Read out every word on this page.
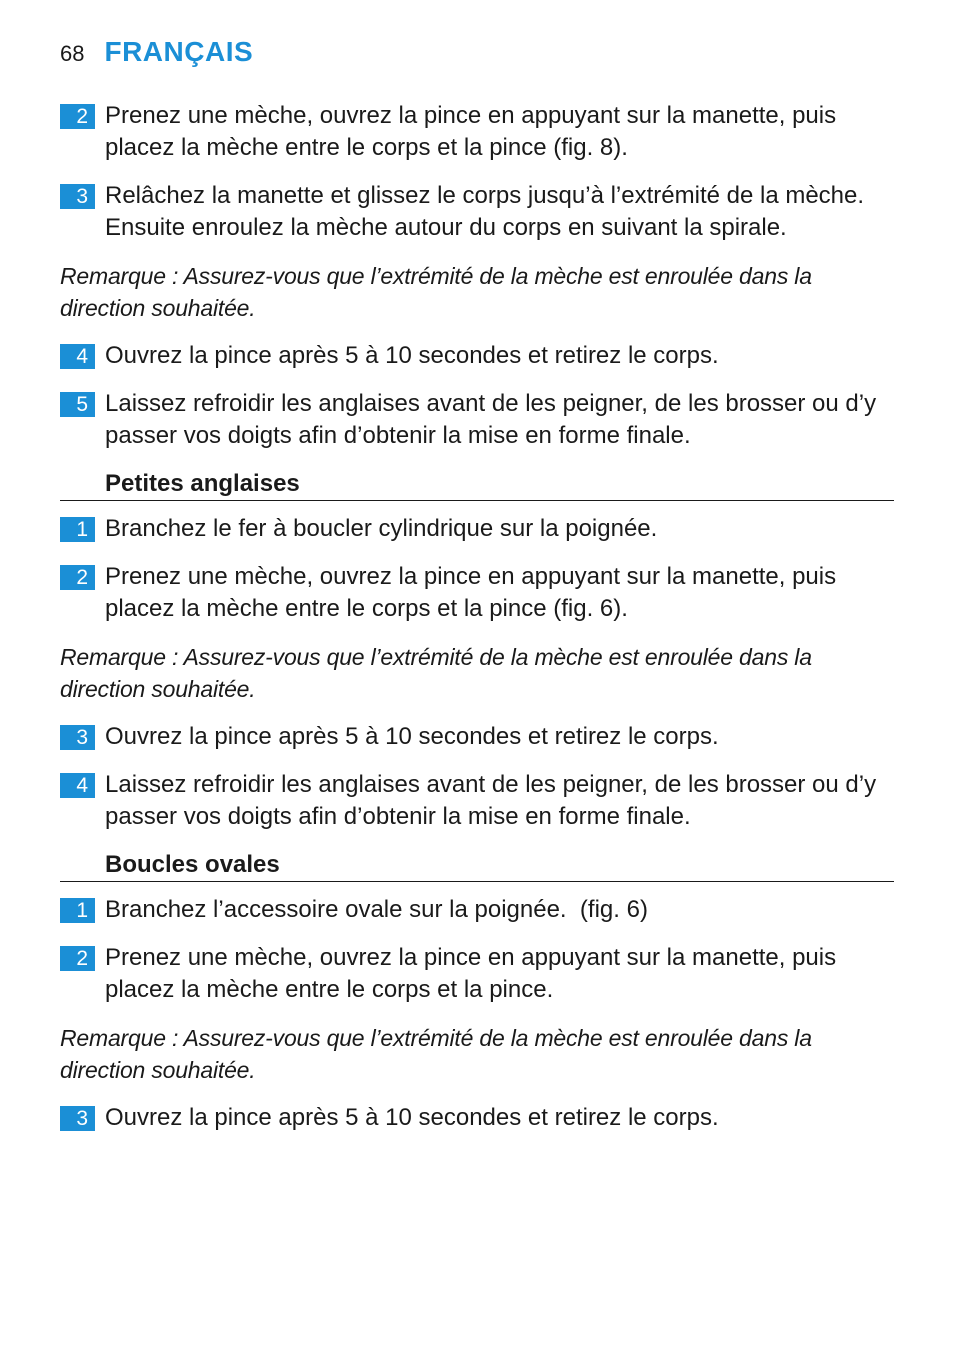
68 FRANÇAIS
2 Prenez une mèche, ouvrez la pince en appuyant sur la manette, puis placez la mèche entre le corps et la pince (fig. 8).
3 Relâchez la manette et glissez le corps jusqu’à l’extrémité de la mèche. Ensuite enroulez la mèche autour du corps en suivant la spirale.
Remarque : Assurez-vous que l’extrémité de la mèche est enroulée dans la direction souhaitée.
4 Ouvrez la pince après 5 à 10 secondes et retirez le corps.
5 Laissez refroidir les anglaises avant de les peigner, de les brosser ou d’y passer vos doigts afin d’obtenir la mise en forme finale.
Petites anglaises
1 Branchez le fer à boucler cylindrique sur la poignée.
2 Prenez une mèche, ouvrez la pince en appuyant sur la manette, puis placez la mèche entre le corps et la pince (fig. 6).
Remarque : Assurez-vous que l’extrémité de la mèche est enroulée dans la direction souhaitée.
3 Ouvrez la pince après 5 à 10 secondes et retirez le corps.
4 Laissez refroidir les anglaises avant de les peigner, de les brosser ou d’y passer vos doigts afin d’obtenir la mise en forme finale.
Boucles ovales
1 Branchez l’accessoire ovale sur la poignée.  (fig. 6)
2 Prenez une mèche, ouvrez la pince en appuyant sur la manette, puis placez la mèche entre le corps et la pince.
Remarque : Assurez-vous que l’extrémité de la mèche est enroulée dans la direction souhaitée.
3 Ouvrez la pince après 5 à 10 secondes et retirez le corps.
